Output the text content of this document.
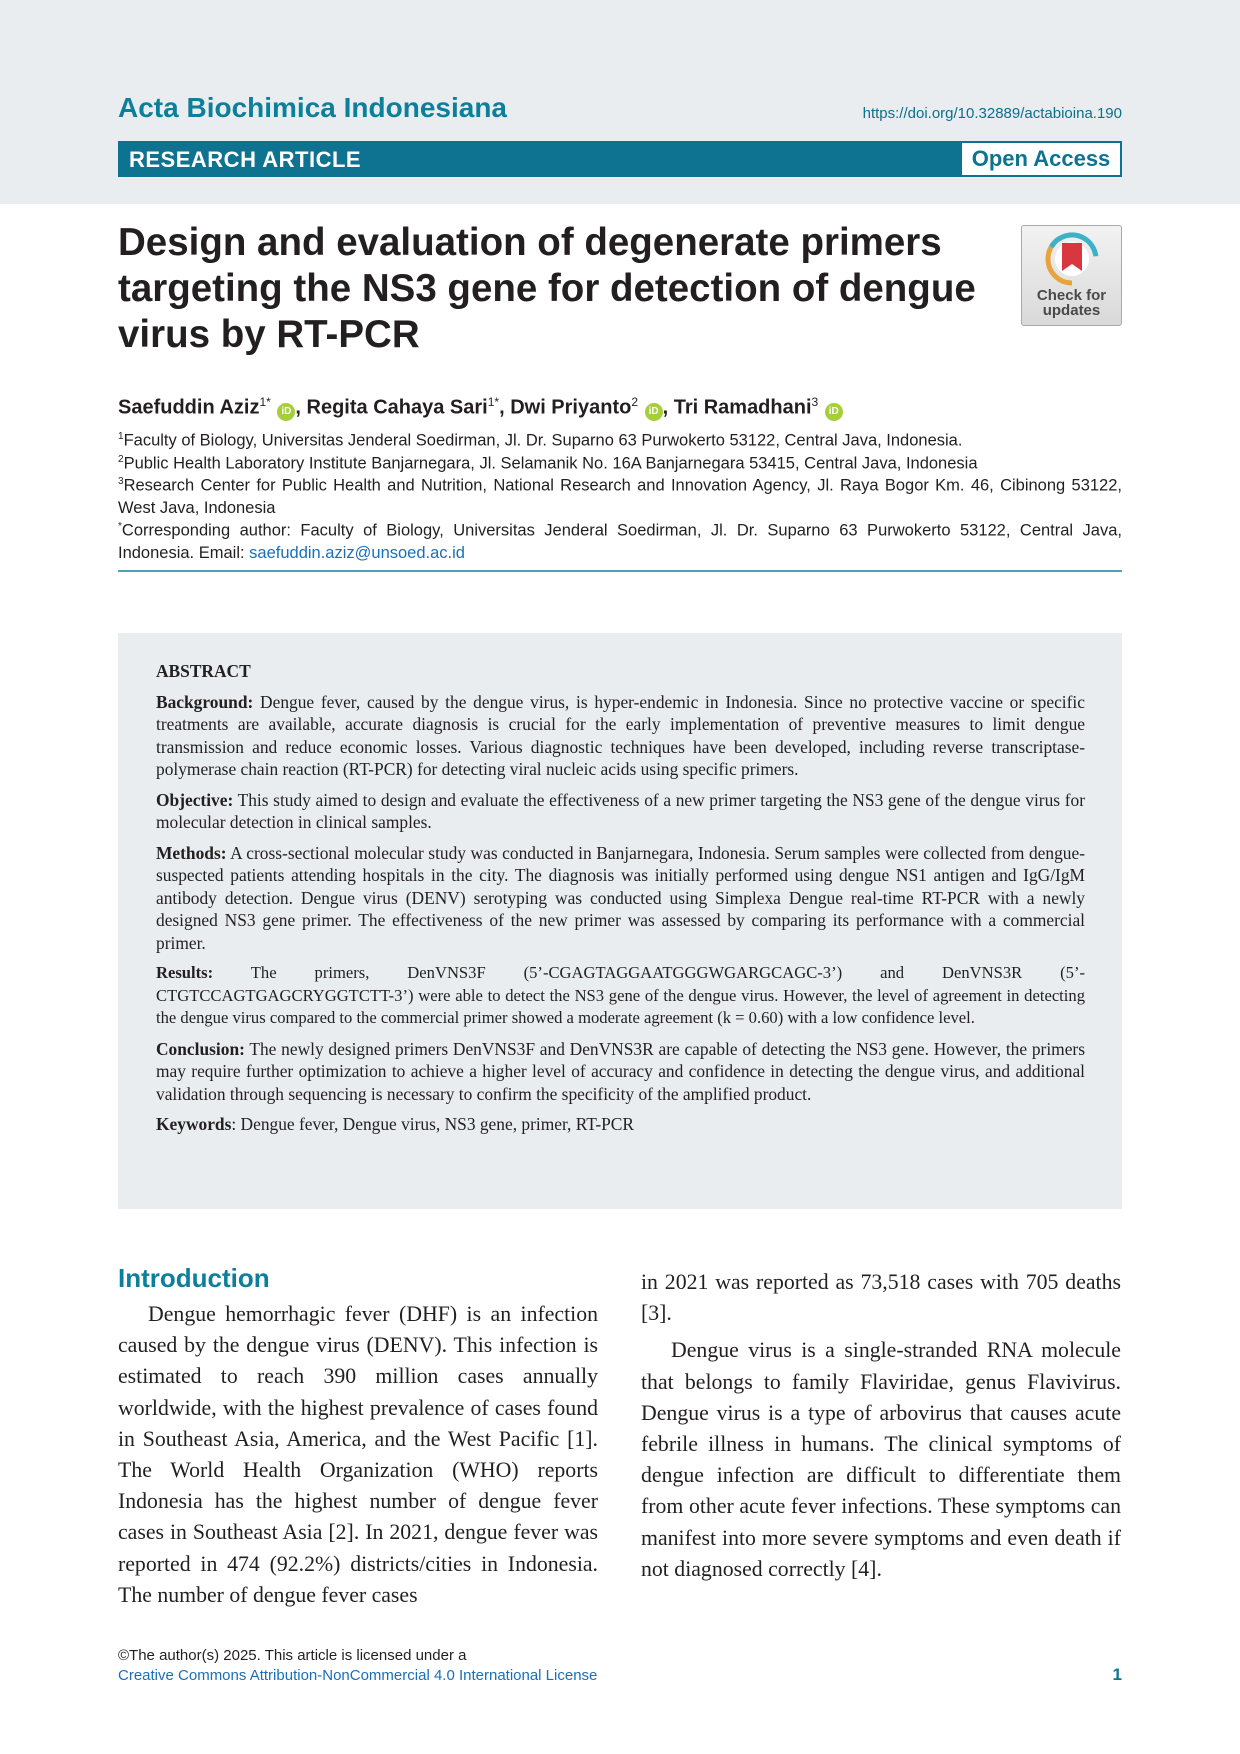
Acta Biochimica Indonesiana	https://doi.org/10.32889/actabioina.190
RESEARCH ARTICLE	Open Access
Design and evaluation of degenerate primers targeting the NS3 gene for detection of dengue virus by RT-PCR
Check for
updates
Saefuddin Aziz$^{1*}$ iD , Regita Cahaya Sari$^{1*}$, Dwi Priyanto$^2$ iD , Tri Ramadhani$^3$ iD
$^1$Faculty of Biology, Universitas Jenderal Soedirman, Jl. Dr. Suparno 63 Purwokerto 53122, Central Java, Indonesia.
$^2$Public Health Laboratory Institute Banjarnegara, Jl. Selamanik No. 16A Banjarnegara 53415, Central Java, Indonesia
$^3$Research Center for Public Health and Nutrition, National Research and Innovation Agency, Jl. Raya Bogor Km. 46, Cibinong 53122, West Java, Indonesia
*Corresponding author: Faculty of Biology, Universitas Jenderal Soedirman, Jl. Dr. Suparno 63 Purwokerto 53122, Central Java, Indonesia. Email: saefuddin.aziz@unsoed.ac.id
ABSTRACT

Background: Dengue fever, caused by the dengue virus, is hyper-endemic in Indonesia. Since no protective vaccine or specific treatments are available, accurate diagnosis is crucial for the early implementation of preventive measures to limit dengue transmission and reduce economic losses. Various diagnostic techniques have been developed, including reverse transcriptase-polymerase chain reaction (RT-PCR) for detecting viral nucleic acids using specific primers.

Objective: This study aimed to design and evaluate the effectiveness of a new primer targeting the NS3 gene of the dengue virus for molecular detection in clinical samples.

Methods: A cross-sectional molecular study was conducted in Banjarnegara, Indonesia. Serum samples were collected from dengue-suspected patients attending hospitals in the city. The diagnosis was initially performed using dengue NS1 antigen and IgG/IgM antibody detection. Dengue virus (DENV) serotyping was conducted using Simplexa Dengue real-time RT-PCR with a newly designed NS3 gene primer. The effectiveness of the new primer was assessed by comparing its performance with a commercial primer.

Results: The primers, DenVNS3F (5’-CGAGTAGGAATGGGWGARGCAGC-3’) and DenVNS3R (5’-CTGTCCAGTGAGCRYGGTCTT-3’) were able to detect the NS3 gene of the dengue virus. However, the level of agreement in detecting the dengue virus compared to the commercial primer showed a moderate agreement (k = 0.60) with a low confidence level.

Conclusion: The newly designed primers DenVNS3F and DenVNS3R are capable of detecting the NS3 gene. However, the primers may require further optimization to achieve a higher level of accuracy and confidence in detecting the dengue virus, and additional validation through sequencing is necessary to confirm the specificity of the amplified product.

Keywords: Dengue fever, Dengue virus, NS3 gene, primer, RT-PCR

Introduction

Dengue hemorrhagic fever (DHF) is an infection caused by the dengue virus (DENV). This infection is estimated to reach 390 million cases annually worldwide, with the highest prevalence of cases found in Southeast Asia, America, and the West Pacific [1]. The World Health Organization (WHO) reports Indonesia has the highest number of dengue fever cases in Southeast Asia [2]. In 2021, dengue fever was reported in 474 (92.2%) districts/cities in Indonesia. The number of dengue fever cases

in 2021 was reported as 73,518 cases with 705 deaths [3].

Dengue virus is a single-stranded RNA molecule that belongs to family Flaviridae, genus Flavivirus. Dengue virus is a type of arbovirus that causes acute febrile illness in humans. The clinical symptoms of dengue infection are difficult to differentiate them from other acute fever infections. These symptoms can manifest into more severe symptoms and even death if not diagnosed correctly [4].

©The author(s) 2025. This article is licensed under a
Creative Commons Attribution-NonCommercial 4.0 International License	1
